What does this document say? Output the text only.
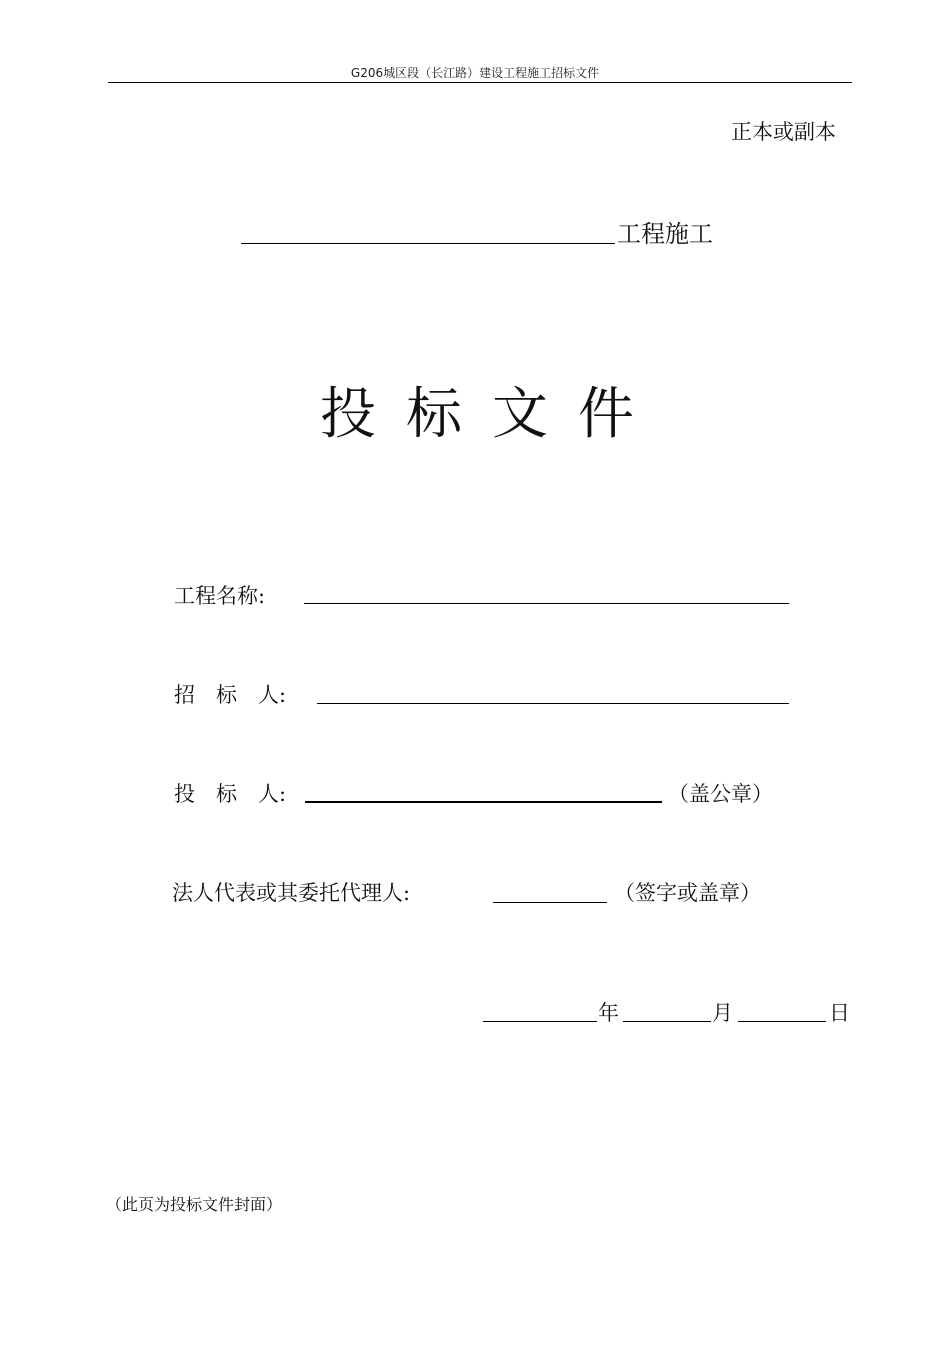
G206城区段（长江路）建设工程施工招标文件
正本或副本
工程施工
投标文件
工程名称:
招　标　人:
投　标　人:	（盖公章）
法人代表或其委托代理人:	（签字或盖章）
年	月	日
（此页为投标文件封面）
